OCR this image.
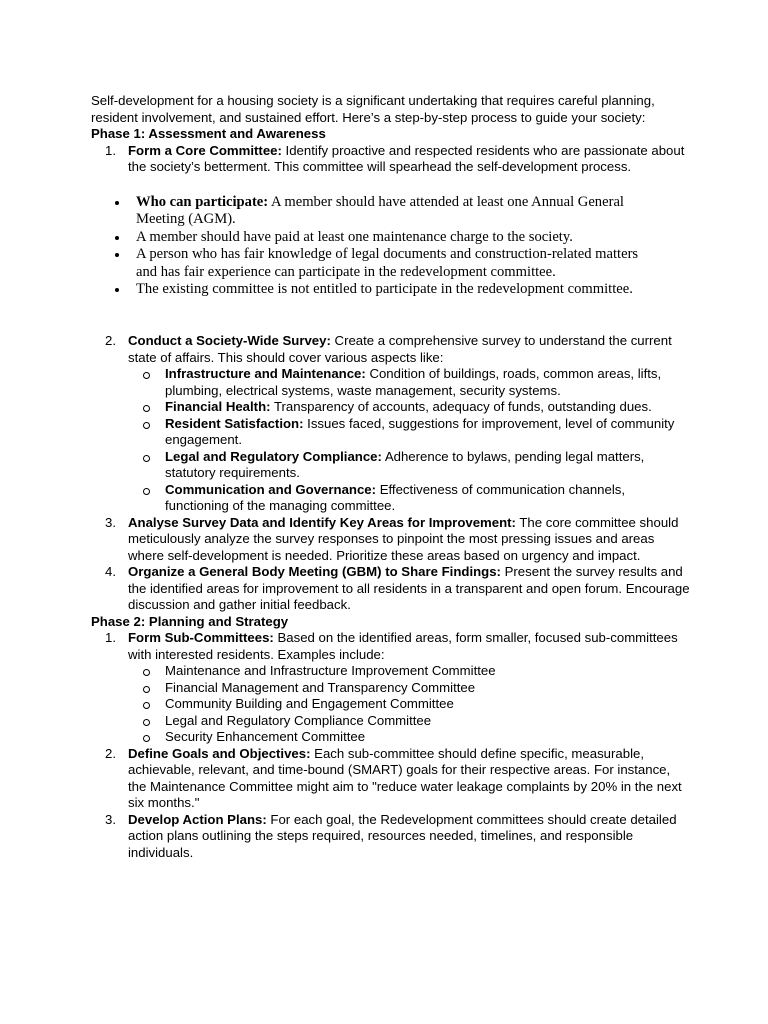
Self-development for a housing society is a significant undertaking that requires careful planning, resident involvement, and sustained effort. Here’s a step-by-step process to guide your society:

Phase 1: Assessment and Awareness

1. Form a Core Committee: Identify proactive and respected residents who are passionate about the society’s betterment. This committee will spearhead the self-development process.
Who can participate: A member should have attended at least one Annual General Meeting (AGM).
A member should have paid at least one maintenance charge to the society.
A person who has fair knowledge of legal documents and construction-related matters and has fair experience can participate in the redevelopment committee.
The existing committee is not entitled to participate in the redevelopment committee.
2. Conduct a Society-Wide Survey: Create a comprehensive survey to understand the current state of affairs. This should cover various aspects like:
Infrastructure and Maintenance: Condition of buildings, roads, common areas, lifts, plumbing, electrical systems, waste management, security systems.
Financial Health: Transparency of accounts, adequacy of funds, outstanding dues.
Resident Satisfaction: Issues faced, suggestions for improvement, level of community engagement.
Legal and Regulatory Compliance: Adherence to bylaws, pending legal matters, statutory requirements.
Communication and Governance: Effectiveness of communication channels, functioning of the managing committee.
3. Analyse Survey Data and Identify Key Areas for Improvement: The core committee should meticulously analyze the survey responses to pinpoint the most pressing issues and areas where self-development is needed. Prioritize these areas based on urgency and impact.
4. Organize a General Body Meeting (GBM) to Share Findings: Present the survey results and the identified areas for improvement to all residents in a transparent and open forum. Encourage discussion and gather initial feedback.

Phase 2: Planning and Strategy

1. Form Sub-Committees: Based on the identified areas, form smaller, focused sub-committees with interested residents. Examples include:
Maintenance and Infrastructure Improvement Committee
Financial Management and Transparency Committee
Community Building and Engagement Committee
Legal and Regulatory Compliance Committee
Security Enhancement Committee
2. Define Goals and Objectives: Each sub-committee should define specific, measurable, achievable, relevant, and time-bound (SMART) goals for their respective areas. For instance, the Maintenance Committee might aim to "reduce water leakage complaints by 20% in the next six months."
3. Develop Action Plans: For each goal, the Redevelopment committees should create detailed action plans outlining the steps required, resources needed, timelines, and responsible individuals.
